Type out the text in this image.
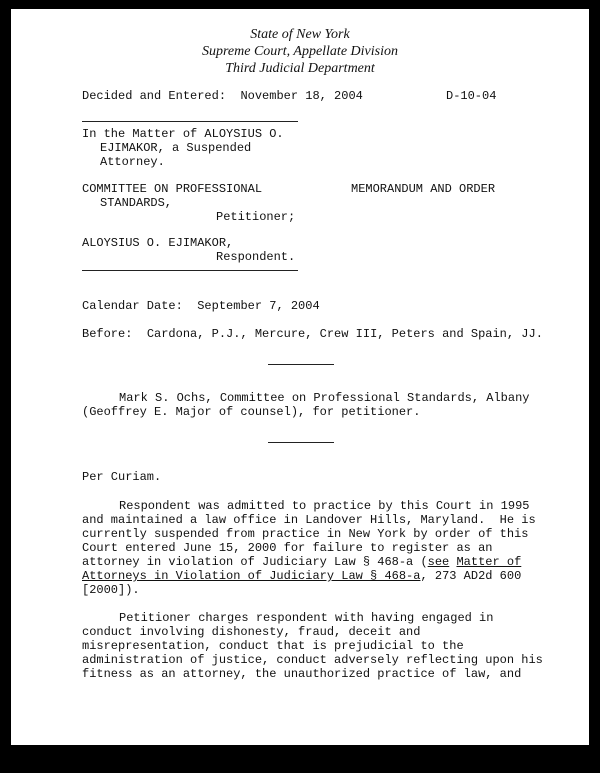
State of New York
Supreme Court, Appellate Division
Third Judicial Department
Decided and Entered: November 18, 2004	D-10-04
In the Matter of ALOYSIUS O.
EJIMAKOR, a Suspended
Attorney.
COMMITTEE ON PROFESSIONAL	MEMORANDUM AND ORDER
STANDARDS,
Petitioner;
ALOYSIUS O. EJIMAKOR,
Respondent.
Calendar Date: September 7, 2004
Before: Cardona, P.J., Mercure, Crew III, Peters and Spain, JJ.
Mark S. Ochs, Committee on Professional Standards, Albany
(Geoffrey E. Major of counsel), for petitioner.
Per Curiam.
Respondent was admitted to practice by this Court in 1995
and maintained a law office in Landover Hills, Maryland.  He is
currently suspended from practice in New York by order of this
Court entered June 15, 2000 for failure to register as an
attorney in violation of Judiciary Law § 468-a (see Matter of
Attorneys in Violation of Judiciary Law § 468-a, 273 AD2d 600
[2000]).
Petitioner charges respondent with having engaged in
conduct involving dishonesty, fraud, deceit and
misrepresentation, conduct that is prejudicial to the
administration of justice, conduct adversely reflecting upon his
fitness as an attorney, the unauthorized practice of law, and
